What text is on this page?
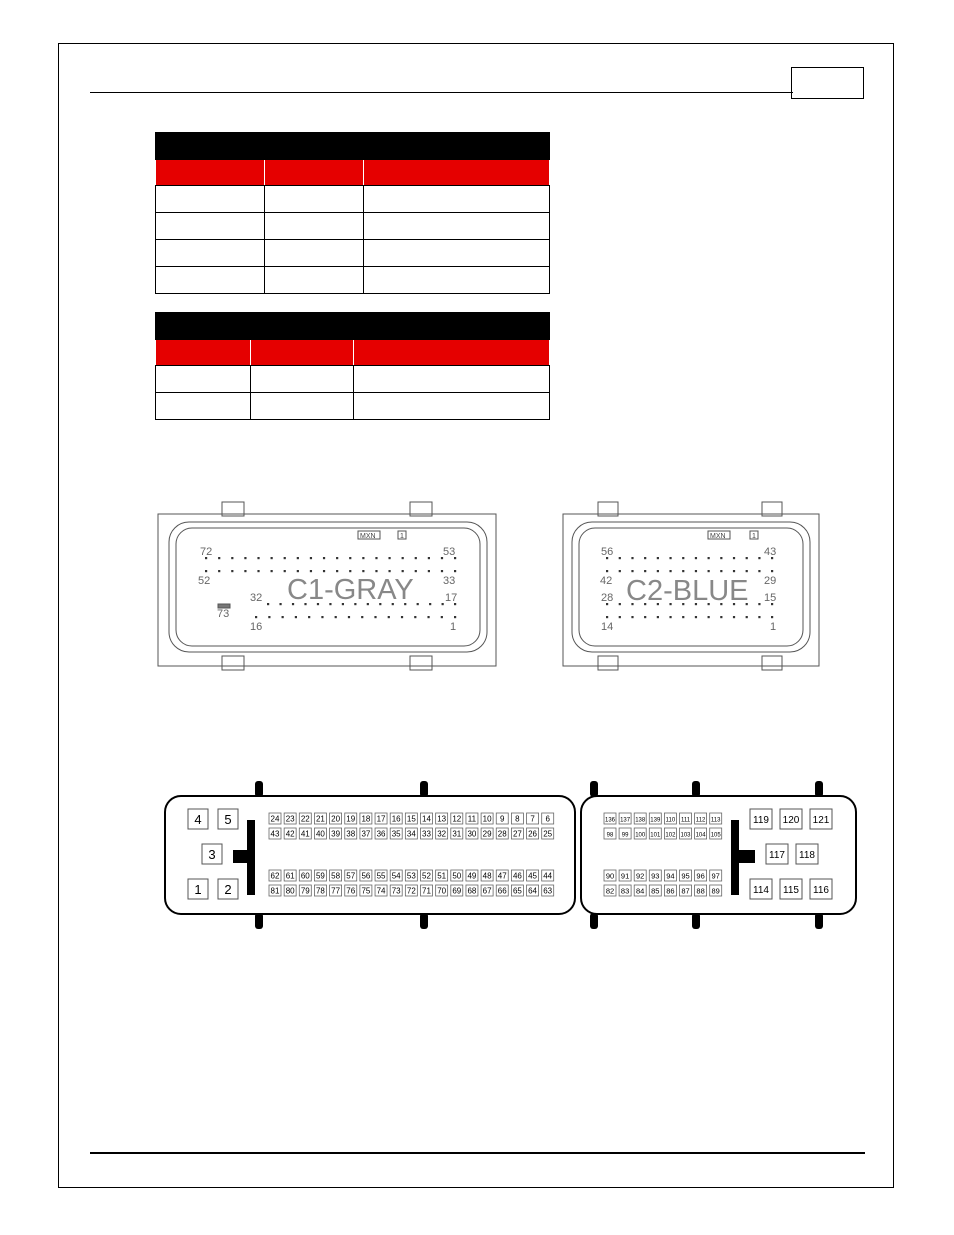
C1-GRAY
72	53
52	33
32	17
16	1
73
MXN	1
C2-BLUE
56	43
42	29
28	15
14	1
MXN	1
4 5
3
1 2
24 23 22 21 20 19 18 17 16 15 14 13 12 11 10 9 8 7 6
43 42 41 40 39 38 37 36 35 34 33 32 31 30 29 28 27 26 25
62 61 60 59 58 57 56 55 54 53 52 51 50 49 48 47 46 45 44
81 80 79 78 77 76 75 74 73 72 71 70 69 68 67 66 65 64 63
119 120 121
117 118
114 115 116
136 137 138 139 110 111 112 113
98 99 100 101 102 103 104 105
90 91 92 93 94 95 96 97
82 83 84 85 86 87 88 89
